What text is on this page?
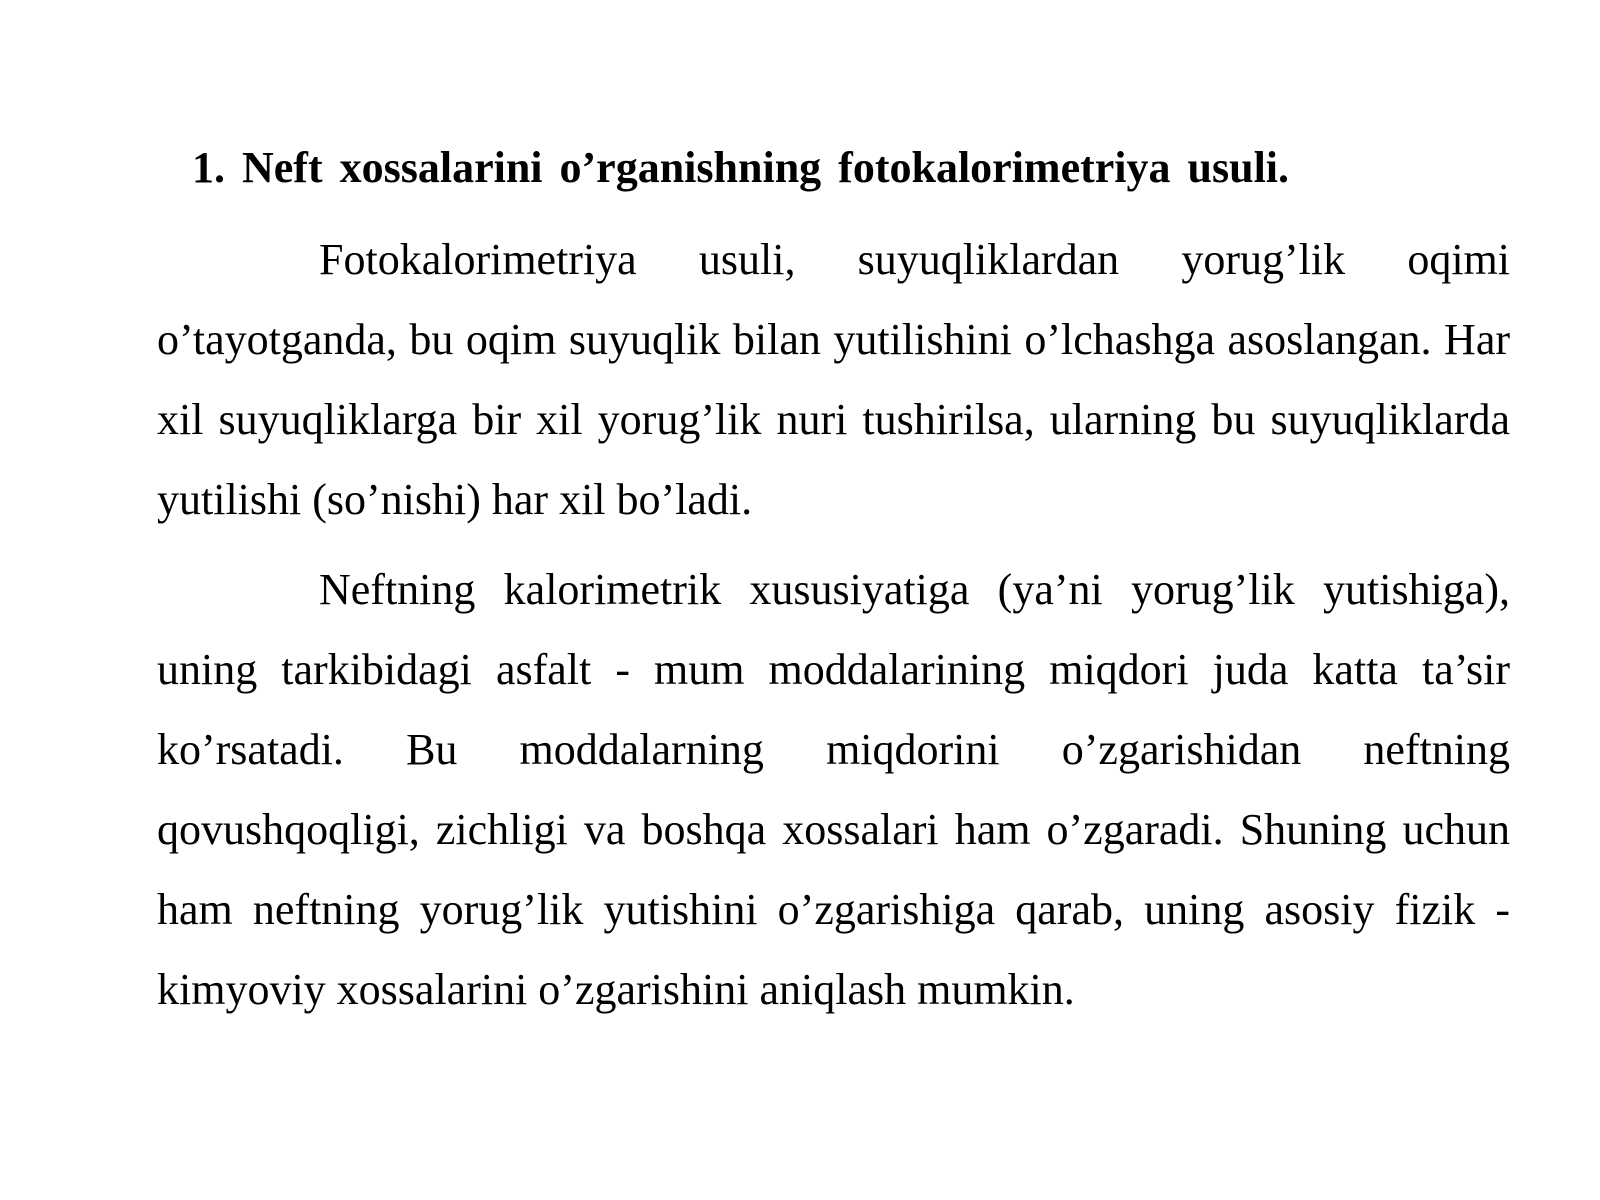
1. Neft xossalarini o’rganishning fotokalorimetriya usuli.

Fotokalorimetriya usuli, suyuqliklardan yorug’lik oqimi o’tayotganda, bu oqim suyuqlik bilan yutilishini o’lchashga asoslangan. Har xil suyuqliklarga bir xil yorug’lik nuri tushirilsa, ularning bu suyuqliklarda yutilishi (so’nishi) har xil bo’ladi.

Neftning kalorimetrik xususiyatiga (ya’ni yorug’lik yutishiga), uning tarkibidagi asfalt - mum moddalarining miqdori juda katta ta’sir ko’rsatadi. Bu moddalarning miqdorini o’zgarishidan neftning qovushqoqligi, zichligi va boshqa xossalari ham o’zgaradi. Shuning uchun ham neftning yorug’lik yutishini o’zgarishiga qarab, uning asosiy fizik - kimyoviy xossalarini o’zgarishini aniqlash mumkin.
